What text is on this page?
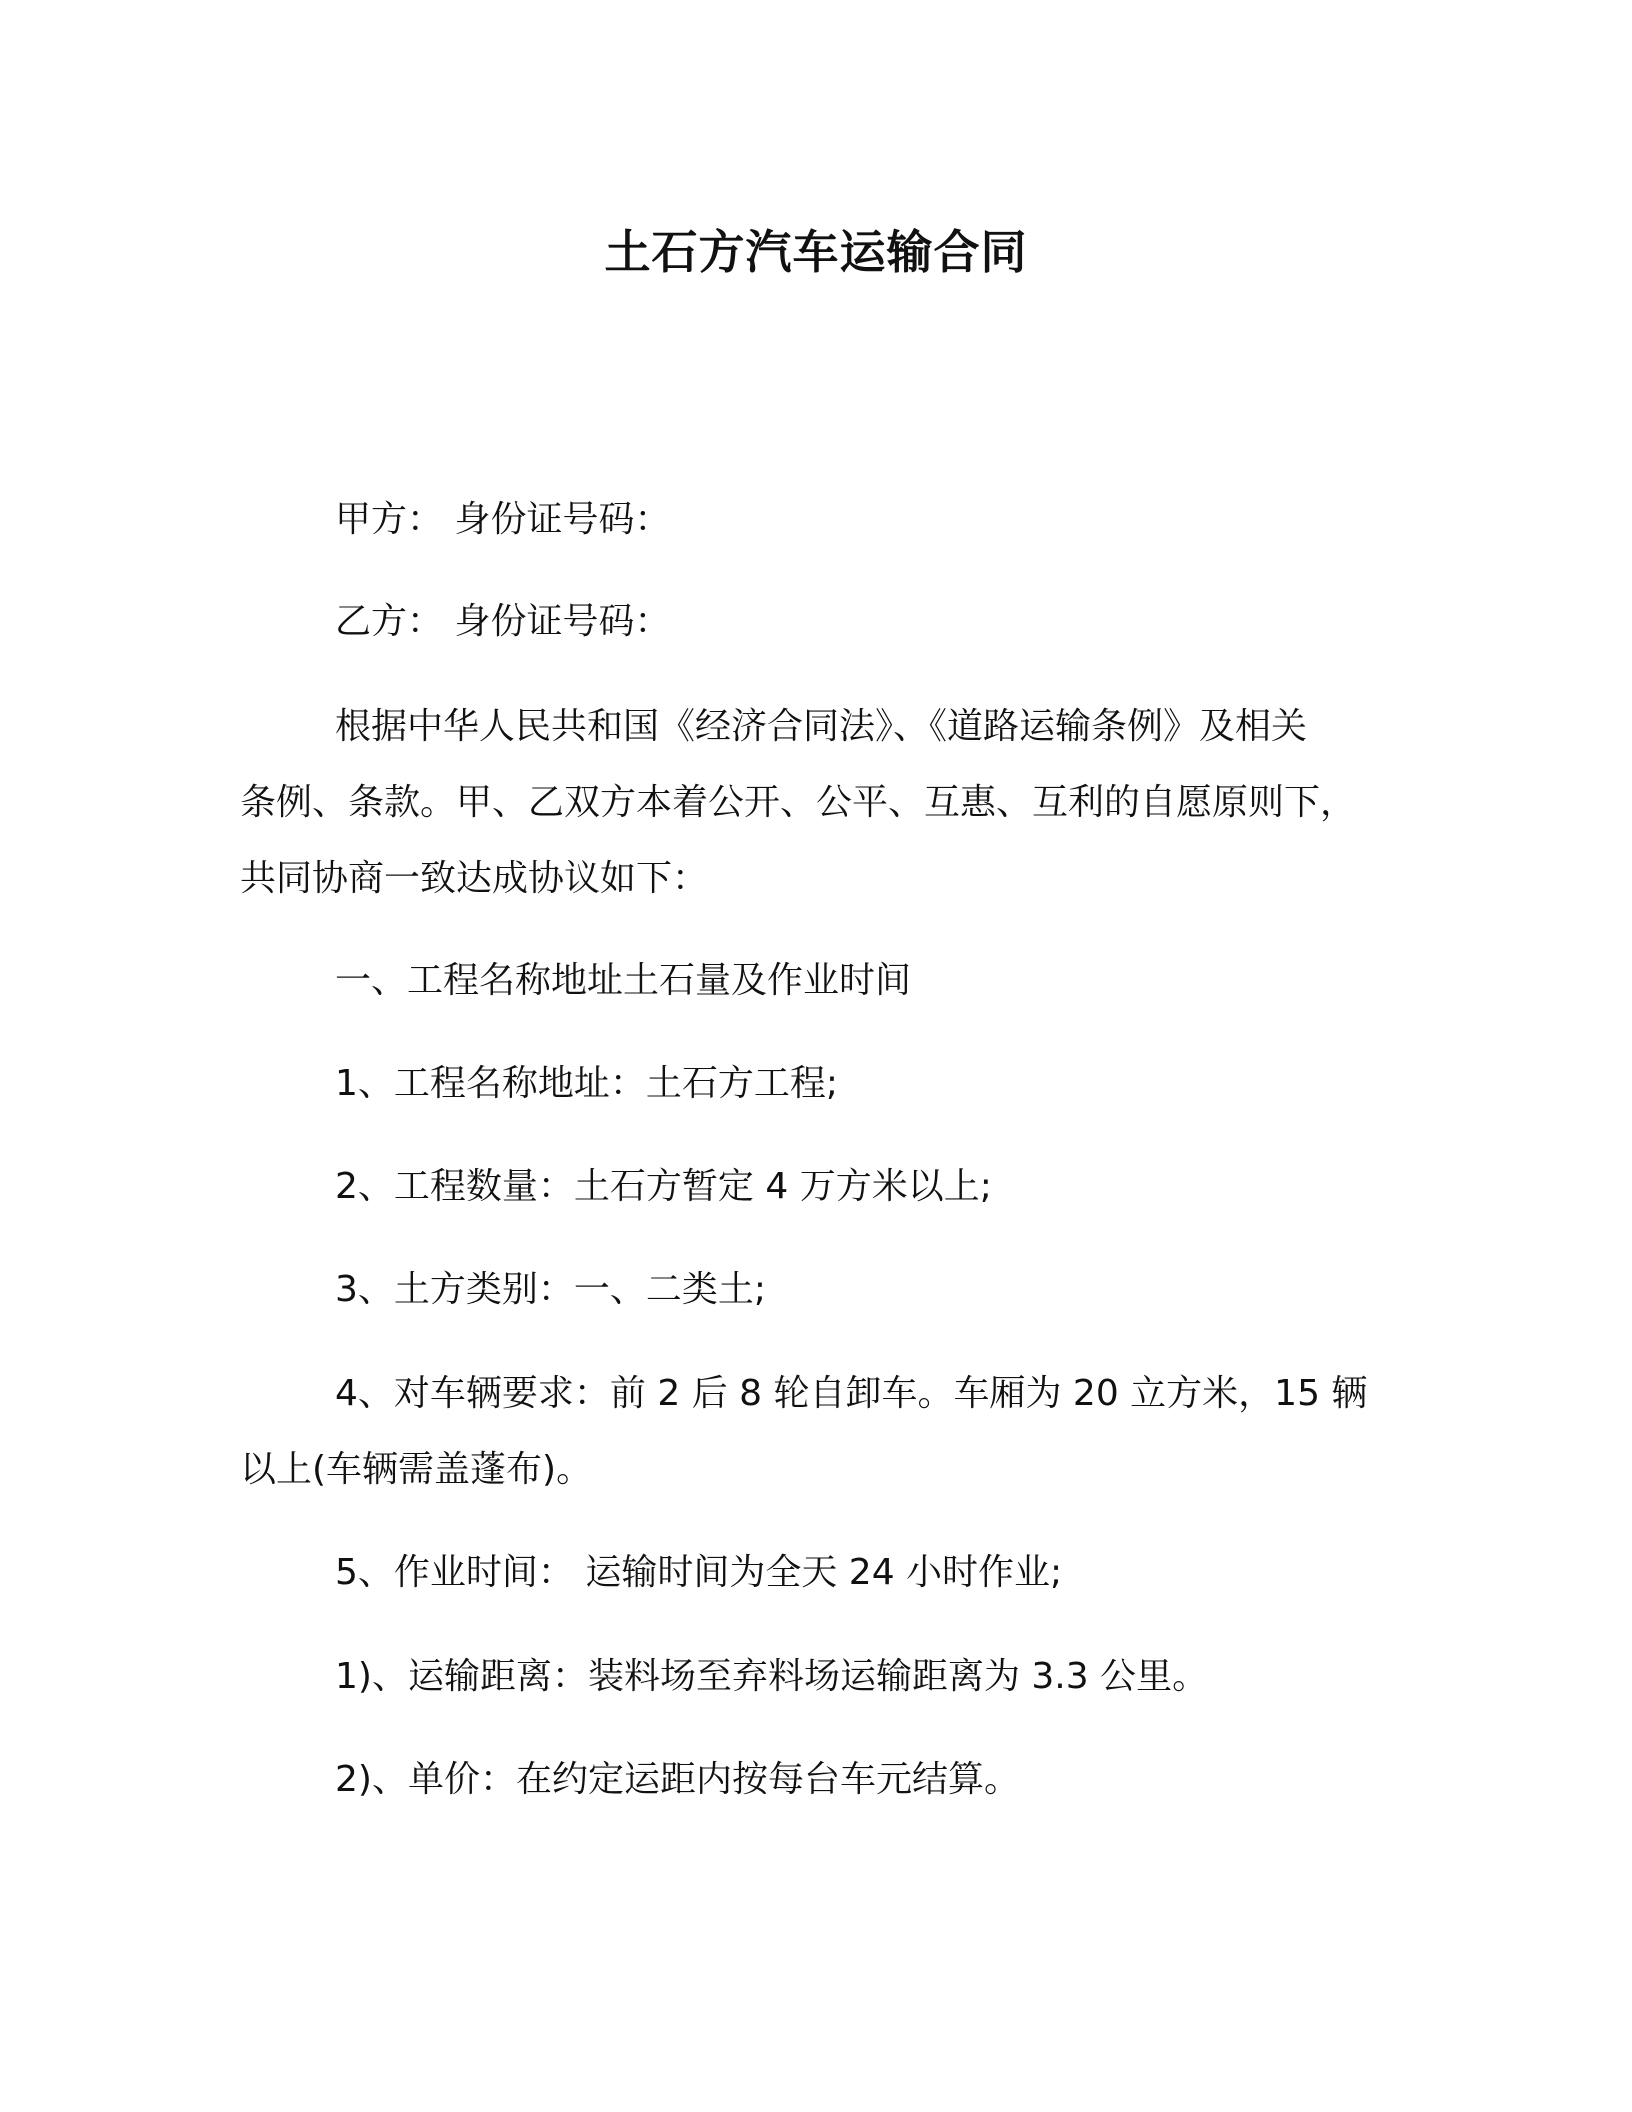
土石方汽车运输合同

甲方： 身份证号码：

乙方： 身份证号码：

根据中华人民共和国《经济合同法》、《道路运输条例》及相关

条例、条款。甲、乙双方本着公开、公平、互惠、互利的自愿原则下，

共同协商一致达成协议如下：

一、工程名称地址土石量及作业时间

1、工程名称地址：土石方工程;

2、工程数量：土石方暂定 4 万方米以上;

3、土方类别：一、二类土;

4、对车辆要求：前 2 后 8 轮自卸车。车厢为 20 立方米，15 辆

以上(车辆需盖蓬布)。

5、作业时间： 运输时间为全天 24 小时作业;

1)、运输距离：装料场至弃料场运输距离为 3.3 公里。

2)、单价：在约定运距内按每台车元结算。
